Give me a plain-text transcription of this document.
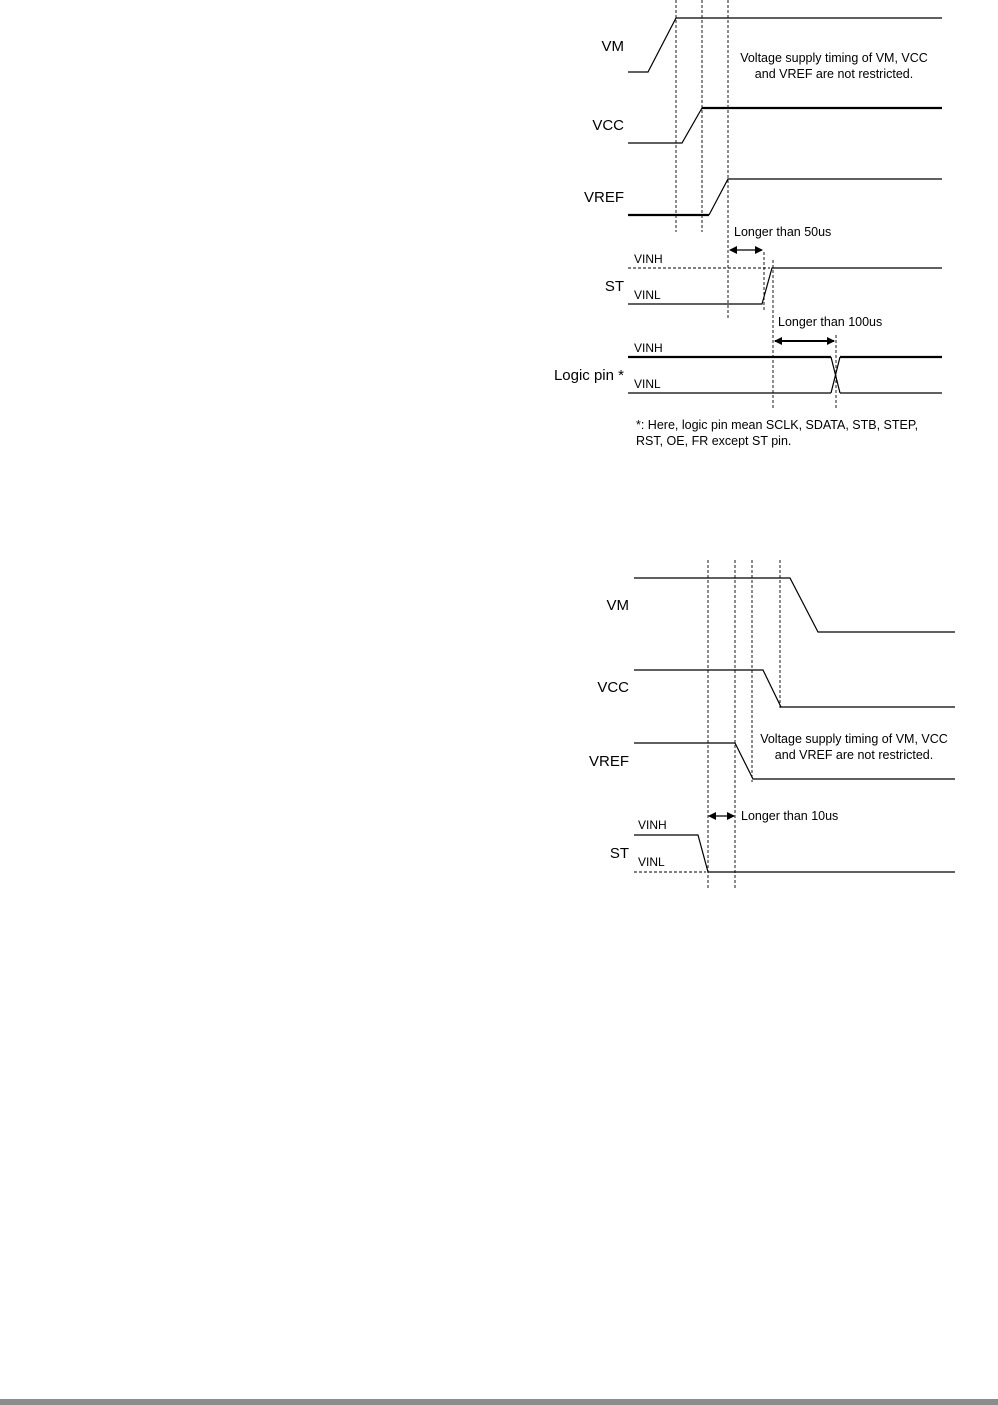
VM
VCC
VREF
ST
Logic pin *
VINH
VINL
VINH
VINL
Voltage supply timing of VM, VCC
and VREF are not restricted.
Longer than 50us
Longer than 100us
*: Here, logic pin mean SCLK, SDATA, STB, STEP,
RST, OE, FR except ST pin.
VM
VCC
VREF
ST
VINH
VINL
Voltage supply timing of VM, VCC
and VREF are not restricted.
Longer than 10us
